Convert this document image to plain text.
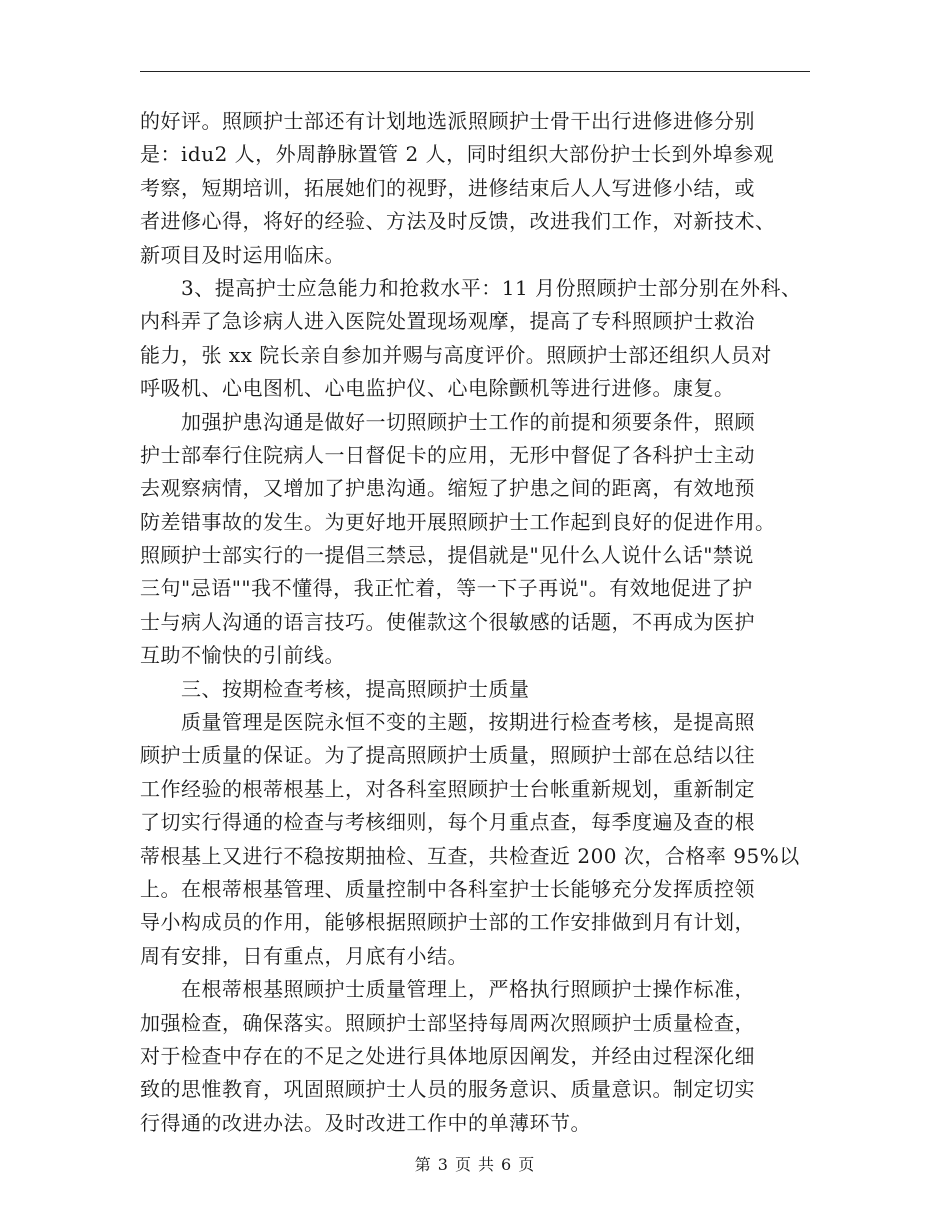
的好评。照顾护士部还有计划地选派照顾护士骨干出行进修进修分别
是：idu2 人，外周静脉置管 2 人，同时组织大部份护士长到外埠参观
考察，短期培训，拓展她们的视野，进修结束后人人写进修小结，或
者进修心得，将好的经验、方法及时反馈，改进我们工作，对新技术、
新项目及时运用临床。
　　3、提高护士应急能力和抢救水平：11 月份照顾护士部分别在外科、
内科弄了急诊病人进入医院处置现场观摩，提高了专科照顾护士救治
能力，张 xx 院长亲自参加并赐与高度评价。照顾护士部还组织人员对
呼吸机、心电图机、心电监护仪、心电除颤机等进行进修。康复。
　　加强护患沟通是做好一切照顾护士工作的前提和须要条件，照顾
护士部奉行住院病人一日督促卡的应用，无形中督促了各科护士主动
去观察病情，又增加了护患沟通。缩短了护患之间的距离，有效地预
防差错事故的发生。为更好地开展照顾护士工作起到良好的促进作用。
照顾护士部实行的一提倡三禁忌，提倡就是"见什么人说什么话"禁说
三句"忌语""我不懂得，我正忙着，等一下子再说"。有效地促进了护
士与病人沟通的语言技巧。使催款这个很敏感的话题，不再成为医护
互助不愉快的引前线。
　　三、按期检查考核，提高照顾护士质量
　　质量管理是医院永恒不变的主题，按期进行检查考核，是提高照
顾护士质量的保证。为了提高照顾护士质量，照顾护士部在总结以往
工作经验的根蒂根基上，对各科室照顾护士台帐重新规划，重新制定
了切实行得通的检查与考核细则，每个月重点查，每季度遍及查的根
蒂根基上又进行不稳按期抽检、互查，共检查近 200 次，合格率 95%以
上。在根蒂根基管理、质量控制中各科室护士长能够充分发挥质控领
导小构成员的作用，能够根据照顾护士部的工作安排做到月有计划，
周有安排，日有重点，月底有小结。
　　在根蒂根基照顾护士质量管理上，严格执行照顾护士操作标准，
加强检查，确保落实。照顾护士部坚持每周两次照顾护士质量检查，
对于检查中存在的不足之处进行具体地原因阐发，并经由过程深化细
致的思惟教育，巩固照顾护士人员的服务意识、质量意识。制定切实
行得通的改进办法。及时改进工作中的单薄环节。
第 3 页 共 6 页
